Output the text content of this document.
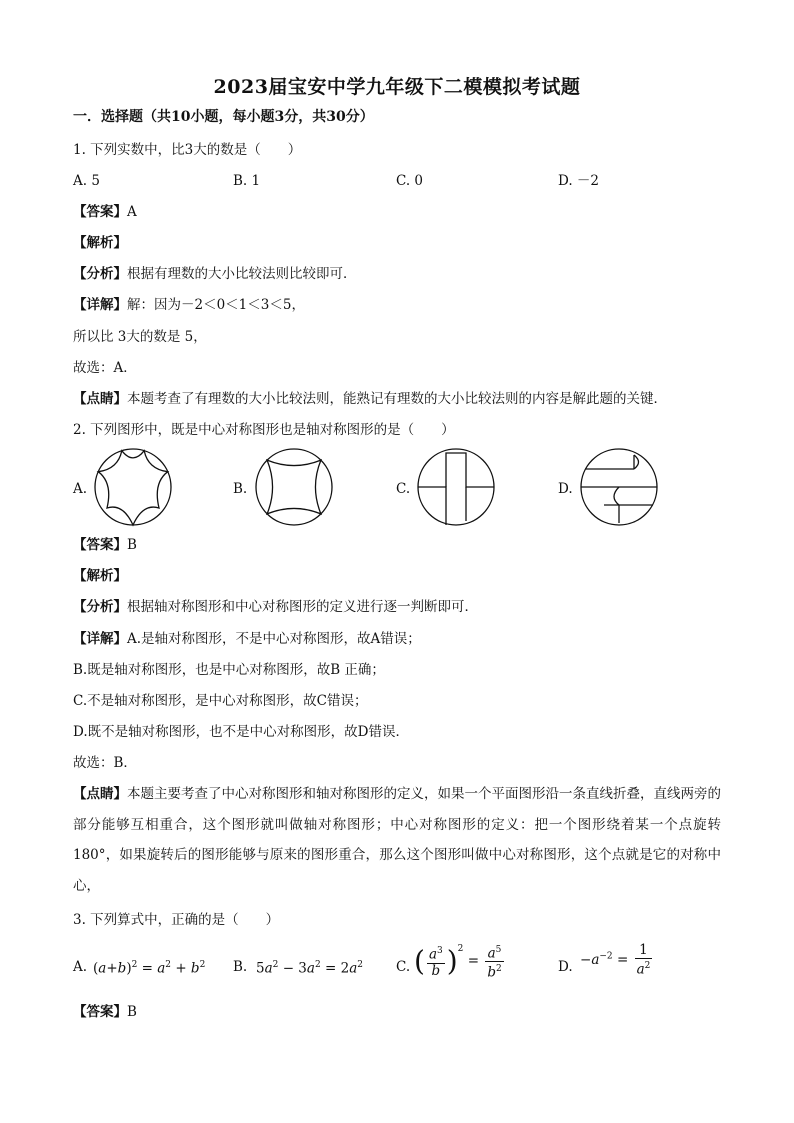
2023届宝安中学九年级下二模模拟考试题
一．选择题（共10小题，每小题3分，共30分）
1. 下列实数中，比3大的数是（　　）
A. 5	B. 1	C. 0	D. －2
【答案】A
【解析】
【分析】根据有理数的大小比较法则比较即可．
【详解】解：因为－2＜0＜1＜3＜5，
所以比 3大的数是 5，
故选：A．
【点睛】本题考查了有理数的大小比较法则，能熟记有理数的大小比较法则的内容是解此题的关键．
2. 下列图形中，既是中心对称图形也是轴对称图形的是（　　）
A.	B.	C.	D.
【答案】B
【解析】
【分析】根据轴对称图形和中心对称图形的定义进行逐一判断即可．
【详解】A.是轴对称图形，不是中心对称图形，故A错误；
B.既是轴对称图形，也是中心对称图形，故B 正确；
C.不是轴对称图形，是中心对称图形，故C错误；
D.既不是轴对称图形，也不是中心对称图形，故D错误．
故选：B．
【点睛】本题主要考查了中心对称图形和轴对称图形的定义，如果一个平面图形沿一条直线折叠，直线两旁的部分能够互相重合，这个图形就叫做轴对称图形；中心对称图形的定义：把一个图形绕着某一个点旋转 180°，如果旋转后的图形能够与原来的图形重合，那么这个图形叫做中心对称图形，这个点就是它的对称中心，
3. 下列算式中，正确的是（　　）
A. $(a+b)^2 = a^2 + b^2$ B. $5a^2 - 3a^2 = 2a^2$ C. ( $\frac{a^3}{b} )^2 = \frac{a^5}{b^2}$	D. $-a^{-2} = \frac{1}{a^2}$
【答案】B
